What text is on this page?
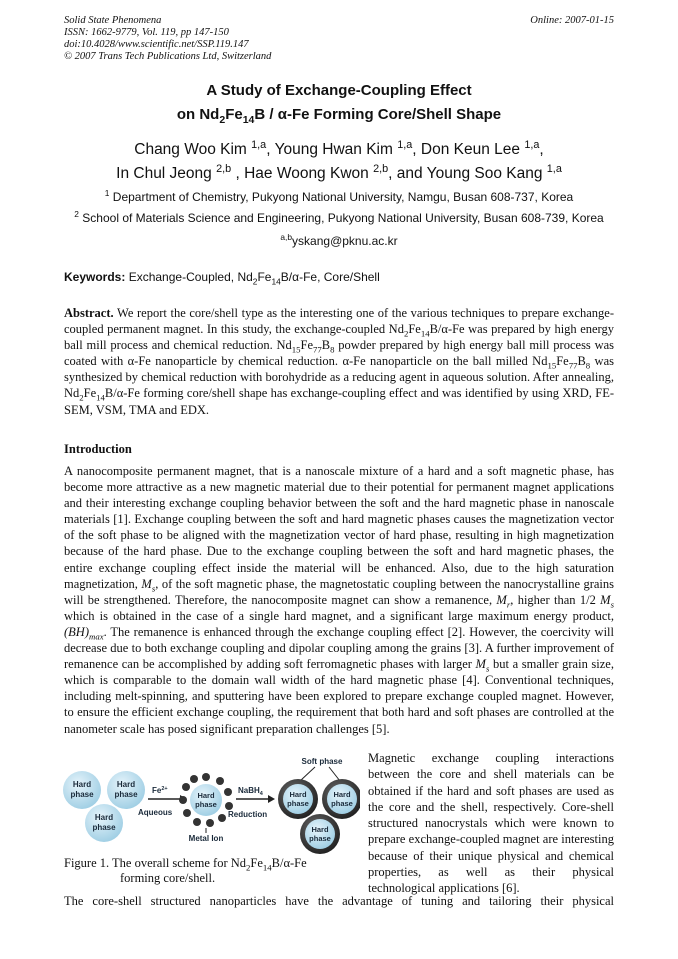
Solid State Phenomena
ISSN: 1662-9779, Vol. 119, pp 147-150
doi:10.4028/www.scientific.net/SSP.119.147
© 2007 Trans Tech Publications Ltd, Switzerland
Online: 2007-01-15
A Study of Exchange-Coupling Effect
on $Nd_2Fe_{14}B / \alpha-Fe$ Forming Core/Shell Shape
Chang Woo Kim $^{1,a}$, Young Hwan Kim $^{1,a}$, Don Keun Lee $^{1,a}$,
In Chul Jeong $^{2,b}$ , Hae Woong Kwon $^{2,b}$, and Young Soo Kang $^{1,a}$
$^1$ Department of Chemistry, Pukyong National University, Namgu, Busan 608-737, Korea
$^2$ School of Materials Science and Engineering, Pukyong National University, Busan 608-739, Korea
$^{a,b}$yskang@pknu.ac.kr
Keywords: Exchange-Coupled, $Nd_2Fe_{14}B/\alpha-Fe$, Core/Shell
Abstract. We report the core/shell type as the interesting one of the various techniques to prepare exchange-coupled permanent magnet. In this study, the exchange-coupled $Nd_2Fe_{14}B/\alpha-Fe$ was prepared by high energy ball mill process and chemical reduction. $Nd_{15}Fe_{77}B_8$ powder prepared by high energy ball mill process was coated with α-Fe nanoparticle by chemical reduction. α-Fe nanoparticle on the ball milled $Nd_{15}Fe_{77}B_8$ was synthesized by chemical reduction with borohydride as a reducing agent in aqueous solution. After annealing, $Nd_2Fe_{14}B/\alpha-Fe$ forming core/shell shape has exchange-coupling effect and was identified by using XRD, FE-SEM, VSM, TMA and EDX.
Introduction
A nanocomposite permanent magnet, that is a nanoscale mixture of a hard and a soft magnetic phase, has become more attractive as a new magnetic material due to their potential for permanent magnet applications and their interesting exchange coupling behavior between the soft and the hard magnetic phase in nanoscale materials [1]. Exchange coupling between the soft and hard magnetic phases causes the magnetization vector of the soft phase to be aligned with the magnetization vector of hard phase, resulting in high magnetization because of the hard phase. Due to the exchange coupling between the soft and hard magnetic phases, the entire exchange coupling effect inside the material will be enhanced. Also, due to the high saturation magnetization, $M_s$, of the soft magnetic phase, the magnetostatic coupling between the nanocrystalline grains will be strengthened. Therefore, the nanocomposite magnet can show a remanence, $M_r$, higher than 1/2 $M_s$ which is obtained in the case of a single hard magnet, and a significant large maximum energy product, $(BH)_{max}$. The remanence is enhanced through the exchange coupling effect [2]. However, the coercivity will decrease due to both exchange coupling and dipolar coupling among the grains [3]. A further improvement of remanence can be accomplished by adding soft ferromagnetic phases with larger $M_s$ but a smaller grain size, which is comparable to the domain wall width of the hard magnetic phase [4]. Conventional techniques, including melt-spinning, and sputtering have been explored to prepare exchange coupled magnet. However, to ensure the efficient exchange coupling, the requirement that both hard and soft phases are controlled at the nanometer scale has posed significant preparation challenges [5].
Hard
phase
Hard
phase
Hard
phase
$Fe^{2+}$
Aqueous
Hard
phase
Metal Ion
NaBH$_4$
Reduction
Soft phase
Hard
phase
Hard
phase
Hard
phase
Figure 1. The overall scheme for $Nd_2Fe_{14}B/\alpha-Fe$
forming core/shell.
Magnetic exchange coupling interactions between the core and shell materials can be obtained if the hard and soft phases are used as the core and the shell, respectively. Core-shell structured nanocrystals which were known to prepare exchange-coupled magnet are interesting because of their unique physical and chemical properties, as well as their physical technological applications [6].
The core-shell structured nanoparticles have the advantage of tuning and tailoring their physical
